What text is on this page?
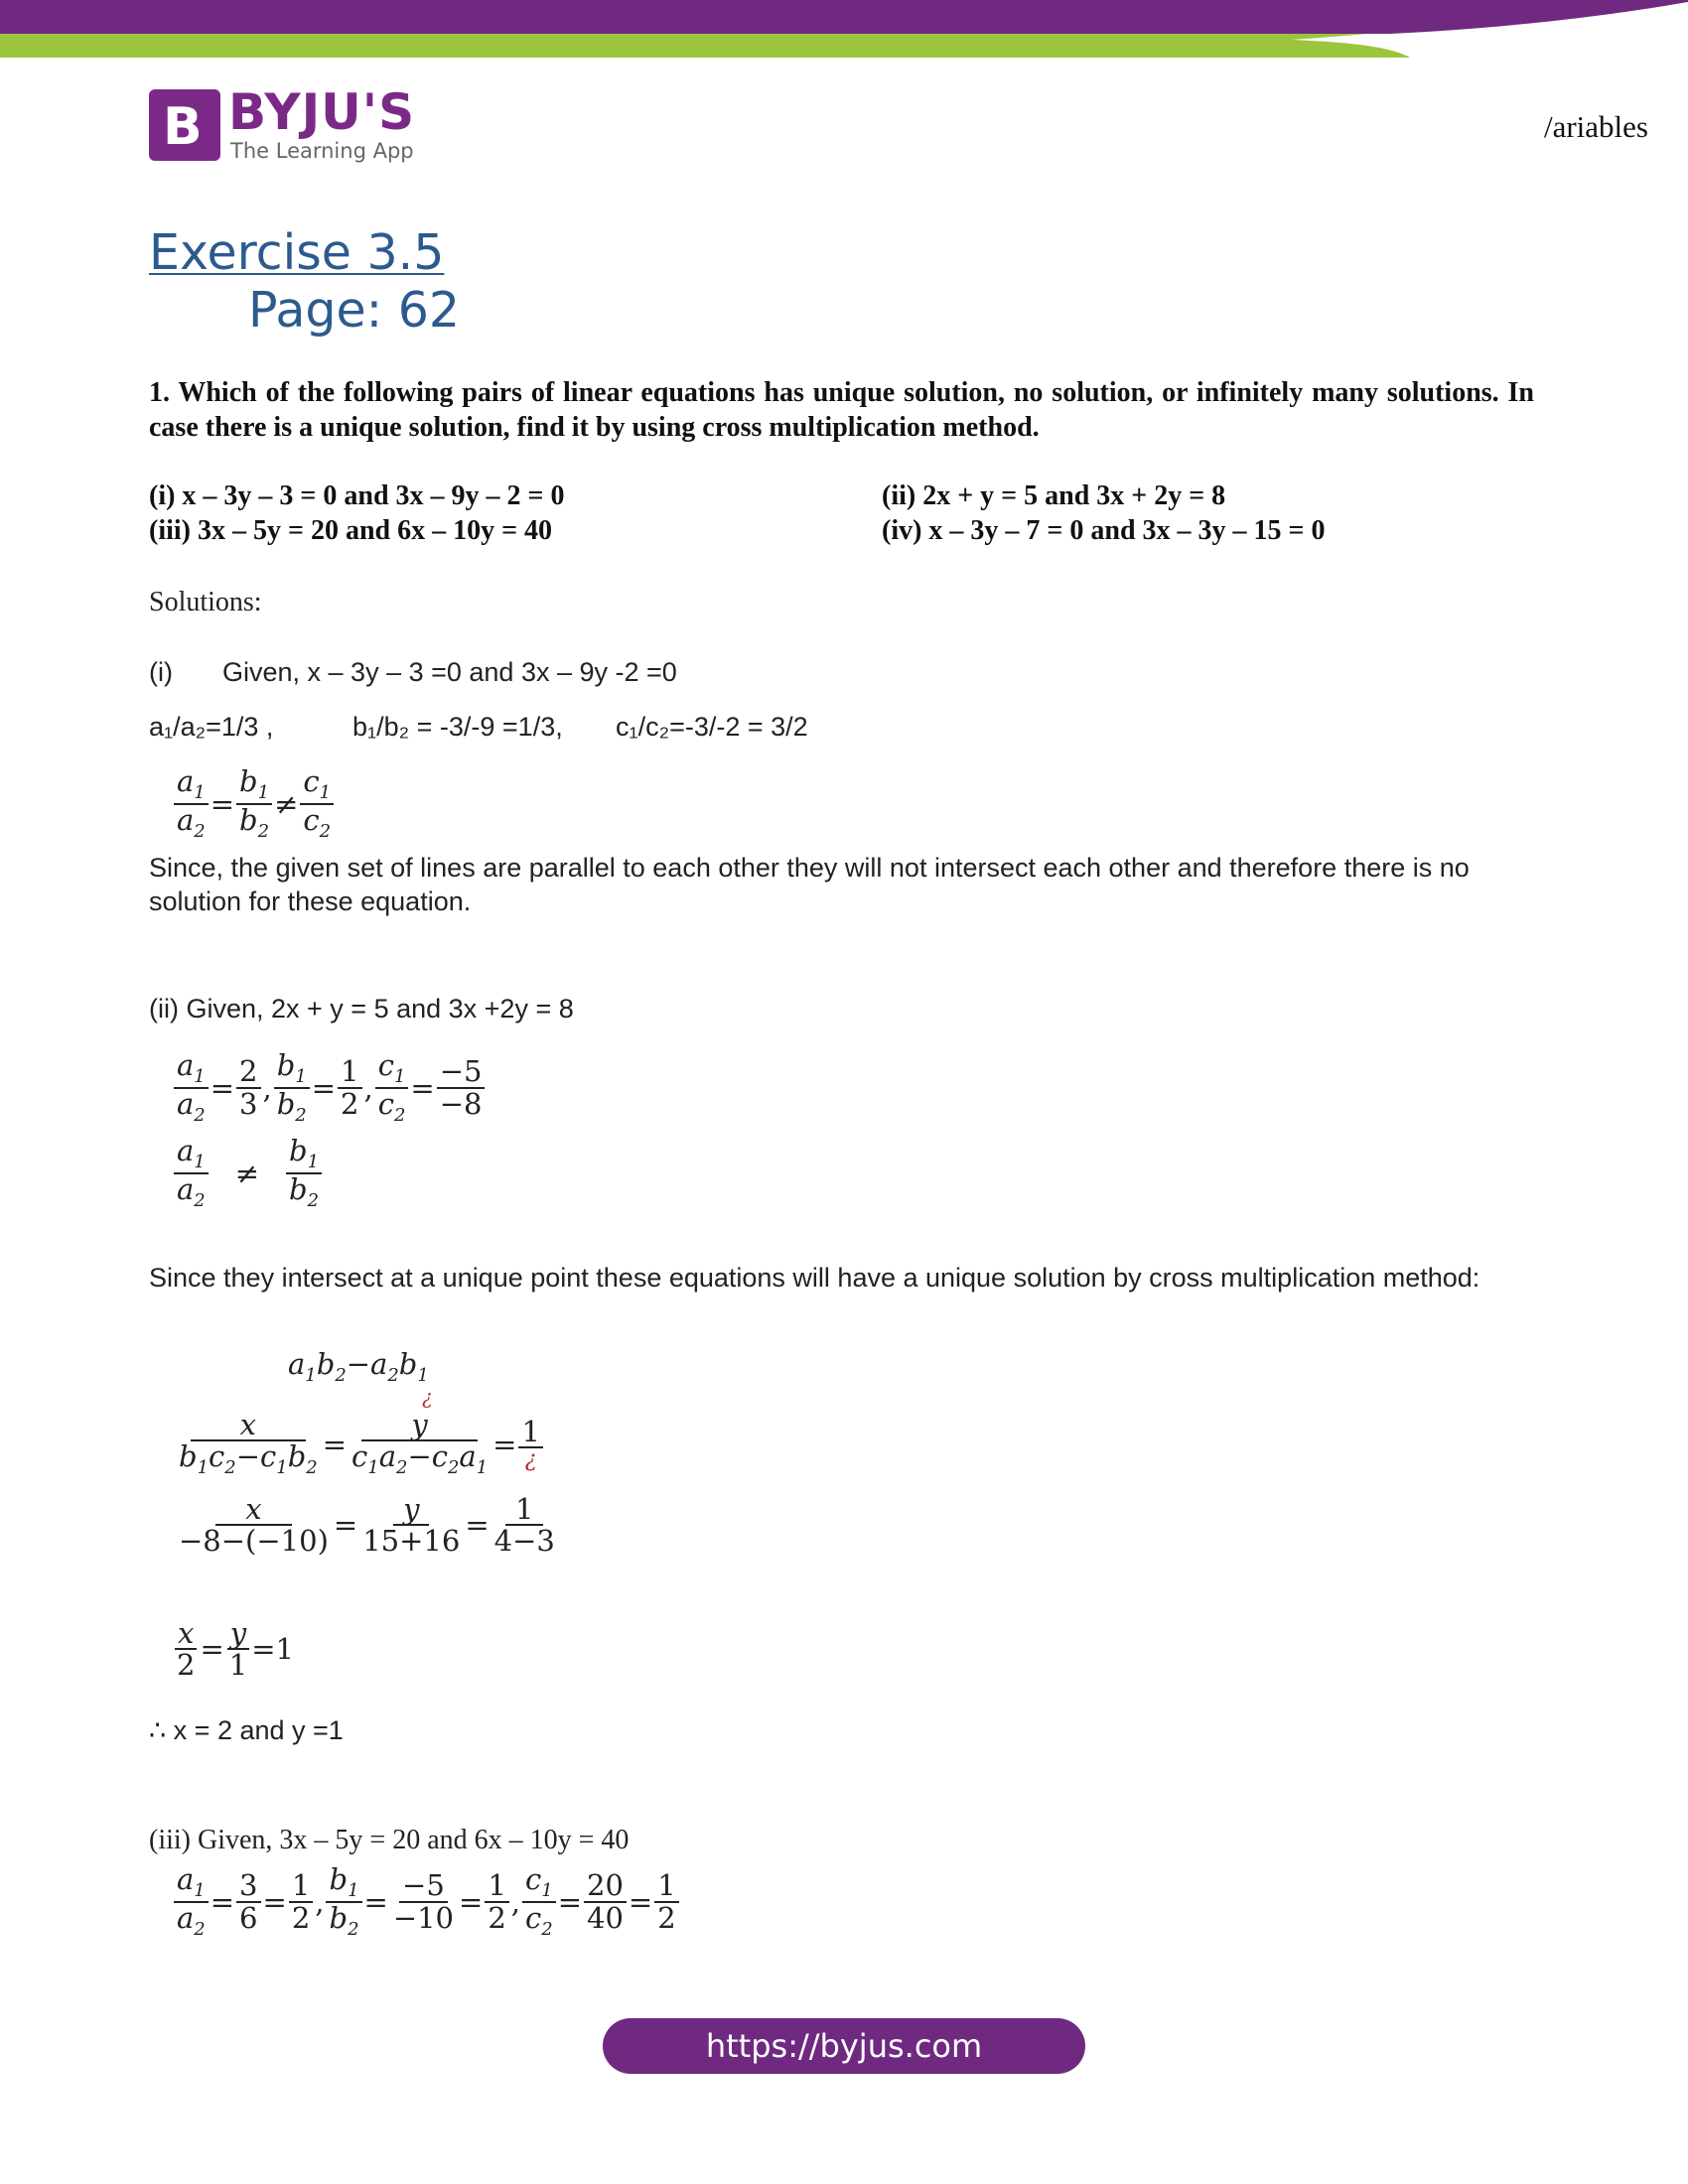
B BYJU'S
The Learning App
/ariables
Exercise 3.5
Page: 62
1. Which of the following pairs of linear equations has unique solution, no solution, or infinitely many solutions. In case there is a unique solution, find it by using cross multiplication method.
(i) x – 3y – 3 = 0 and 3x – 9y – 2 = 0	(ii) 2x + y = 5 and 3x + 2y = 8
(iii) 3x – 5y = 20 and 6x – 10y = 40	(iv) x – 3y – 7 = 0 and 3x – 3y – 15 = 0
Solutions:
(i) Given, x – 3y – 3 =0 and 3x – 9y -2 =0
a₁/a₂=1/3 ,	b₁/b₂ = -3/-9 =1/3, c₁/c₂=-3/-2 = 3/2
$\frac{a_1}{a_2} = \frac{b_1}{b_2} \ne \frac{c_1}{c_2}$
Since, the given set of lines are parallel to each other they will not intersect each other and therefore there is no solution for these equation.
(ii) Given, 2x + y = 5 and 3x +2y = 8
$\frac{a_1}{a_2} = \frac{2}{3}$ , $\frac{b_1}{b_2} = \frac{1}{2}$ , $\frac{c_1}{c_2} = \frac{-5}{-8}$
$\frac{a_1}{a_2} \ne \frac{b_1}{b_2}$
Since they intersect at a unique point these equations will have a unique solution by cross multiplication method:
$a_1b_2-a_2b_1$
¿
$\frac{x}{b_1c_2-c_1b_2} = \frac{y}{c_1a_2-c_2a_1} = \frac{1}{¿}$
$\frac{x}{-8-(-10)} = \frac{y}{15+16} = \frac{1}{4-3}$
$\frac{x}{2} = \frac{y}{1} =1$
∴ x = 2 and y =1
(iii) Given, 3x – 5y = 20 and 6x – 10y = 40
$\frac{a_1}{a_2} = \frac{3}{6} = \frac{1}{2}$ , $\frac{b_1}{b_2} = \frac{-5}{-10} = \frac{1}{2}$ , $\frac{c_1}{c_2} = \frac{20}{40} = \frac{1}{2}$
https://byjus.com
